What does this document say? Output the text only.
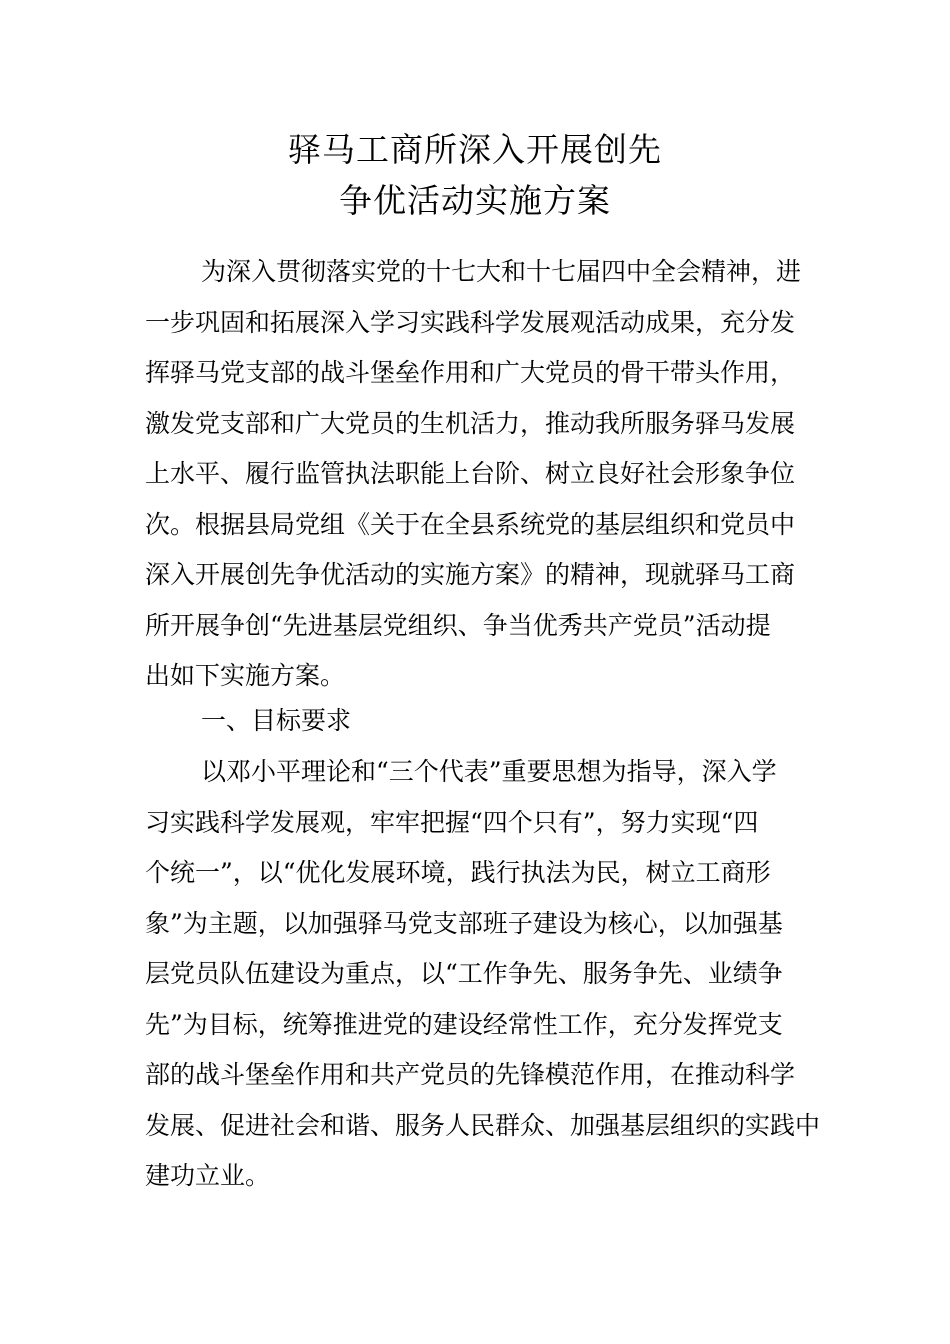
驿马工商所深入开展创先
争优活动实施方案
为深入贯彻落实党的十七大和十七届四中全会精神，进
一步巩固和拓展深入学习实践科学发展观活动成果，充分发
挥驿马党支部的战斗堡垒作用和广大党员的骨干带头作用，
激发党支部和广大党员的生机活力，推动我所服务驿马发展
上水平、履行监管执法职能上台阶、树立良好社会形象争位
次。根据县局党组《关于在全县系统党的基层组织和党员中
深入开展创先争优活动的实施方案》的精神，现就驿马工商
所开展争创“先进基层党组织、争当优秀共产党员”活动提
出如下实施方案。
一、目标要求
以邓小平理论和“三个代表”重要思想为指导，深入学
习实践科学发展观，牢牢把握“四个只有”，努力实现“四
个统一”，以“优化发展环境，践行执法为民，树立工商形
象”为主题，以加强驿马党支部班子建设为核心，以加强基
层党员队伍建设为重点，以“工作争先、服务争先、业绩争
先”为目标，统筹推进党的建设经常性工作，充分发挥党支
部的战斗堡垒作用和共产党员的先锋模范作用，在推动科学
发展、促进社会和谐、服务人民群众、加强基层组织的实践中
建功立业。
